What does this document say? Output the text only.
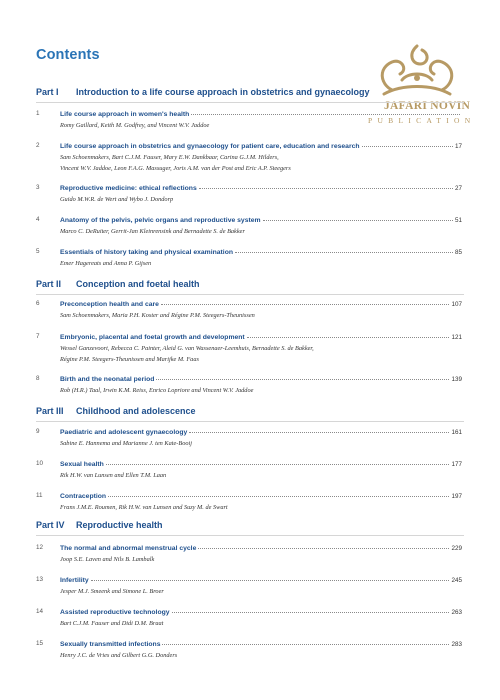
Contents
JAFARI NOVIN
PUBLICATION
Part I Introduction to a life course approach in obstetrics and gynaecology
1	Life course approach in women's health
Romy Gaillard, Keith M. Godfrey, and Vincent W.V. Jaddoe
2	Life course approach in obstetrics and gynaecology for patient care, education and research	17
Sam Schoenmakers, Bart C.J.M. Fauser, Mary E.W. Dankbaar, Carina G.J.M. Hilders,
Vincent W.V. Jaddoe, Leon F.A.G. Massuger, Joris A.M. van der Post and Eric A.P. Steegers
3	Reproductive medicine: ethical reflections	27
Guido M.W.R. de Wert and Wybo J. Dondorp
4	Anatomy of the pelvis, pelvic organs and reproductive system	51
Marco C. DeRuiter, Gerrit-Jan Kleinrensink and Bernadette S. de Bakker
5	Essentials of history taking and physical examination	85
Emer Hagereats and Anna P. Gijsen
Part II Conception and foetal health
6	Preconception health and care	107
Sam Schoenmakers, Maria P.H. Koster and Régine P.M. Steegers-Theunissen
7	Embryonic, placental and foetal growth and development	121
Wessel Ganzevoort, Rebecca C. Painter, Aleid G. van Wassenaer-Leemhuis, Bernadette S. de Bakker,
Régine P.M. Steegers-Theunissen and Marijke M. Faas
8	Birth and the neonatal period	139
Rob (H.R.) Taal, Irwin K.M. Reiss, Enrico Lopriore and Vincent W.V. Jaddoe
Part III Childhood and adolescence
9	Paediatric and adolescent gynaecology	161
Sabine E. Hannema and Marianne J. ten Kate-Booij
10 Sexual health	177
Rik H.W. van Lunsen and Ellen T.M. Laan
11	Contraception	197
Frans J.M.E. Roumen, Rik H.W. van Lunsen and Suzy M. de Swart
Part IV Reproductive health
12 The normal and abnormal menstrual cycle	229
Joop S.E. Laven and Nils B. Lambalk
13 Infertility	245
Jesper M.J. Smeenk and Simone L. Broer
14 Assisted reproductive technology	263
Bart C.J.M. Fauser and Didi D.M. Braat
15 Sexually transmitted infections	283
Henry J.C. de Vries and Gilbert G.G. Donders
